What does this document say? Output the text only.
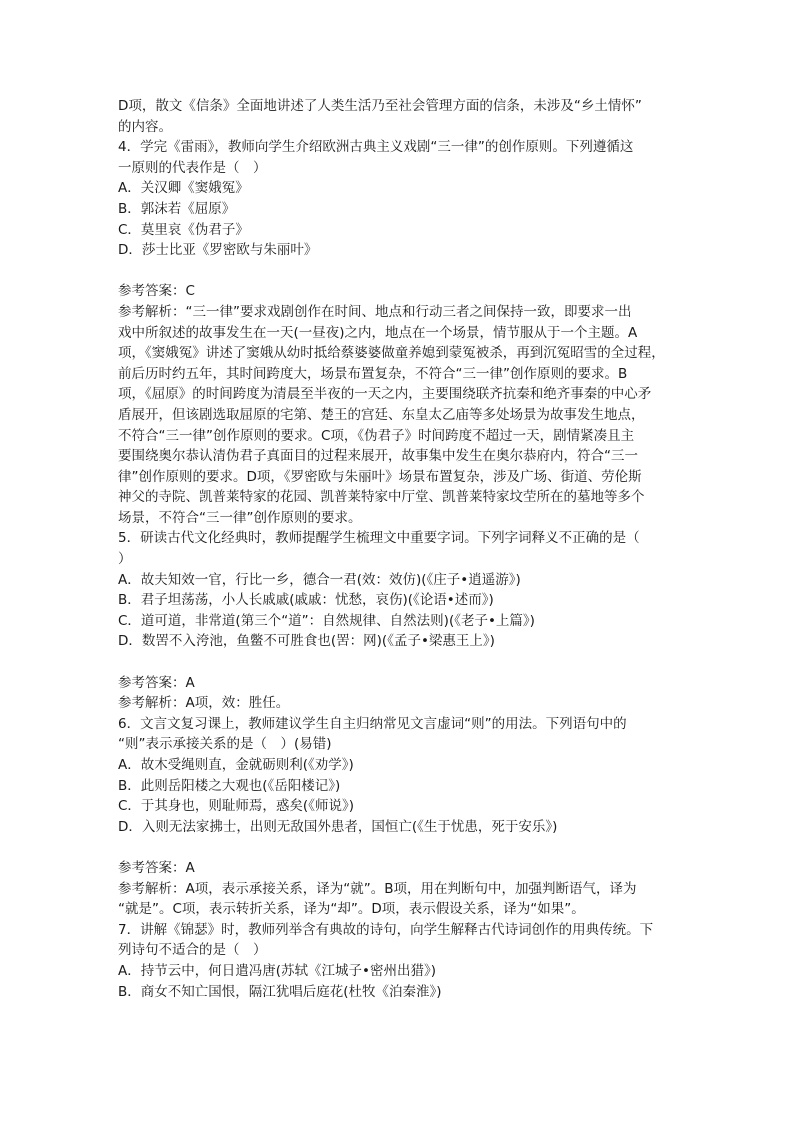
D项，散文《信条》全面地讲述了人类生活乃至社会管理方面的信条，未涉及“乡土情怀”
的内容。
4．学完《雷雨》，教师向学生介绍欧洲古典主义戏剧“三一律”的创作原则。下列遵循这
一原则的代表作是（　）
A．关汉卿《窦娥冤》
B．郭沫若《屈原》
C．莫里哀《伪君子》
D．莎士比亚《罗密欧与朱丽叶》
参考答案：C
参考解析：“三一律”要求戏剧创作在时间、地点和行动三者之间保持一致，即要求一出
戏中所叙述的故事发生在一天(一昼夜)之内，地点在一个场景，情节服从于一个主题。A
项，《窦娥冤》讲述了窦娥从幼时抵给蔡婆婆做童养媳到蒙冤被杀，再到沉冤昭雪的全过程，
前后历时约五年，其时间跨度大，场景布置复杂，不符合“三一律”创作原则的要求。B
项，《屈原》的时间跨度为清晨至半夜的一天之内，主要围绕联齐抗秦和绝齐事秦的中心矛
盾展开，但该剧选取屈原的宅第、楚王的宫廷、东皇太乙庙等多处场景为故事发生地点，
不符合“三一律”创作原则的要求。C项，《伪君子》时间跨度不超过一天，剧情紧凑且主
要围绕奥尔恭认清伪君子真面目的过程来展开，故事集中发生在奥尔恭府内，符合“三一
律”创作原则的要求。D项，《罗密欧与朱丽叶》场景布置复杂，涉及广场、街道、劳伦斯
神父的寺院、凯普莱特家的花园、凯普莱特家中厅堂、凯普莱特家坟茔所在的墓地等多个
场景，不符合“三一律”创作原则的要求。
5．研读古代文化经典时，教师提醒学生梳理文中重要字词。下列字词释义不正确的是（
）
A．故夫知效一官，行比一乡，德合一君(效：效仿)(《庄子•逍遥游》)
B．君子坦荡荡，小人长戚戚(戚戚：忧愁，哀伤)(《论语•述而》)
C．道可道，非常道(第三个“道”：自然规律、自然法则)(《老子•上篇》)
D．数罟不入洿池，鱼鳖不可胜食也(罟：网)(《孟子•梁惠王上》)
参考答案：A
参考解析：A项，效：胜任。
6．文言文复习课上，教师建议学生自主归纳常见文言虚词“则”的用法。下列语句中的
“则”表示承接关系的是（　）(易错)
A．故木受绳则直，金就砺则利(《劝学》)
B．此则岳阳楼之大观也(《岳阳楼记》)
C．于其身也，则耻师焉，惑矣(《师说》)
D．入则无法家拂士，出则无敌国外患者，国恒亡(《生于忧患，死于安乐》)
参考答案：A
参考解析：A项，表示承接关系，译为“就”。B项，用在判断句中，加强判断语气，译为
“就是”。C项，表示转折关系，译为“却”。D项，表示假设关系，译为“如果”。
7．讲解《锦瑟》时，教师列举含有典故的诗句，向学生解释古代诗词创作的用典传统。下
列诗句不适合的是（　）
A．持节云中，何日遣冯唐(苏轼《江城子•密州出猎》)
B．商女不知亡国恨，隔江犹唱后庭花(杜牧《泊秦淮》)
